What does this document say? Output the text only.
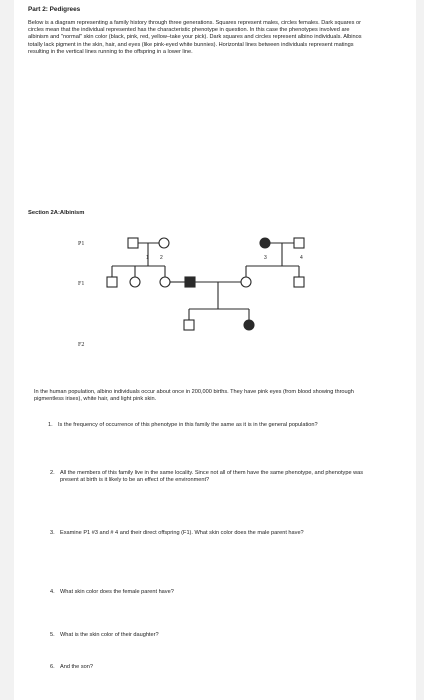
Part 2: Pedigrees
Below is a diagram representing a family history through three generations. Squares represent males, circles females. Dark squares or circles mean that the individual represented has the characteristic phenotype in question. In this case the phenotypes involved are albinism and "normal" skin color (black, pink, red, yellow–take your pick). Dark squares and circles represent albino individuals. Albinos totally lack pigment in the skin, hair, and eyes (like pink-eyed white bunnies). Horizontal lines between individuals represent matings resulting in the vertical lines running to the offspring in a lower line.
Section 2A:Albinism
P1
F1
F2
1 2	3	4
In the human population, albino individuals occur about once in 200,000 births. They have pink eyes (from blood showing through pigmentless irises), white hair, and light pink skin.
1. Is the frequency of occurrence of this phenotype in this family the same as it is in the general population?
2. All the members of this family live in the same locality. Since not all of them have the same phenotype, and phenotype was present at birth is it likely to be an effect of the environment?
3. Examine P1 #3 and # 4 and their direct offspring (F1). What skin color does the male parent have?
4. What skin color does the female parent have?
5. What is the skin color of their daughter?
6. And the son?
